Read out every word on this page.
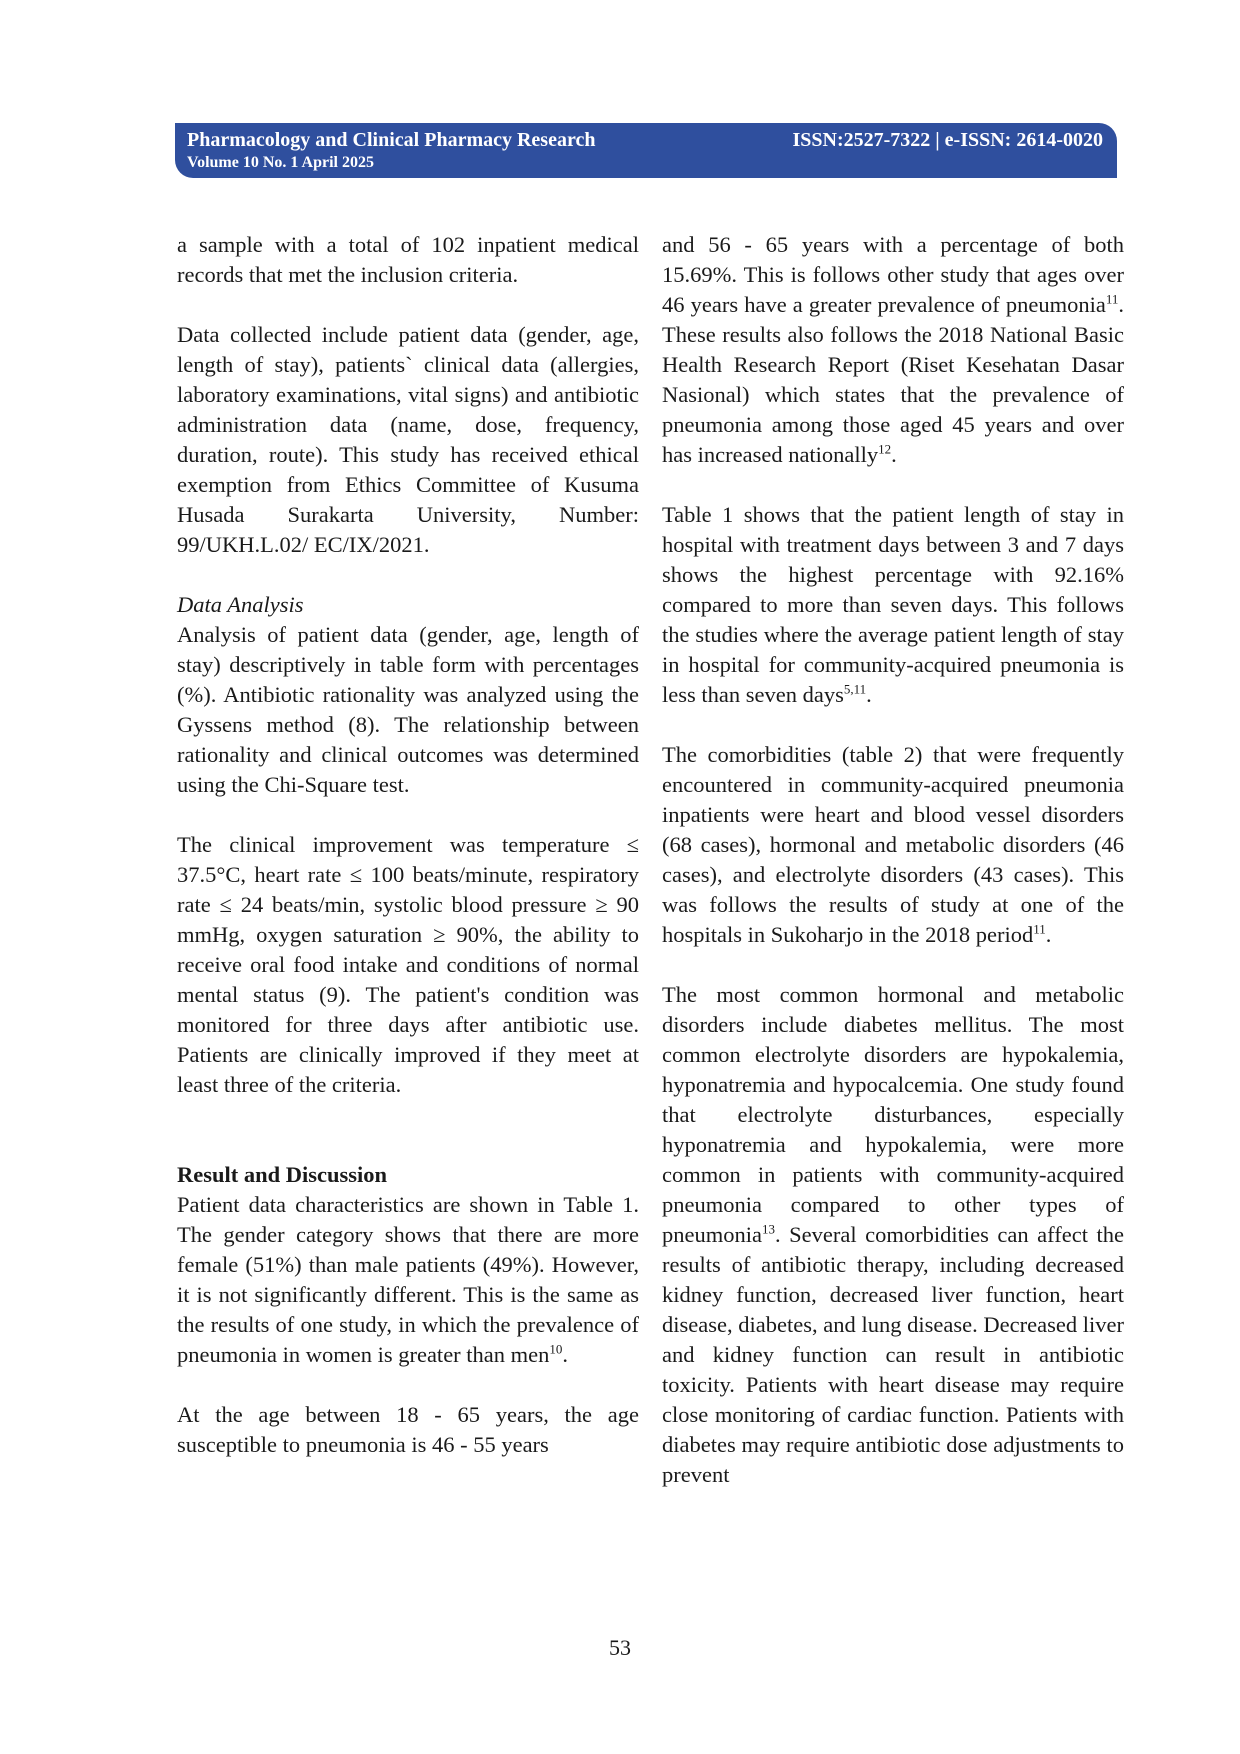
Pharmacology and Clinical Pharmacy Research
Volume 10 No. 1 April 2025
ISSN:2527-7322 | e-ISSN: 2614-0020

a sample with a total of 102 inpatient medical records that met the inclusion criteria.

Data collected include patient data (gender, age, length of stay), patients` clinical data (allergies, laboratory examinations, vital signs) and antibiotic administration data (name, dose, frequency, duration, route). This study has received ethical exemption from Ethics Committee of Kusuma Husada Surakarta University, Number: 99/UKH.L.02/ EC/IX/2021.

Data Analysis

Analysis of patient data (gender, age, length of stay) descriptively in table form with percentages (%). Antibiotic rationality was analyzed using the Gyssens method (8). The relationship between rationality and clinical outcomes was determined using the Chi-Square test.

The clinical improvement was temperature ≤ 37.5°C, heart rate ≤ 100 beats/minute, respiratory rate ≤ 24 beats/min, systolic blood pressure ≥ 90 mmHg, oxygen saturation ≥ 90%, the ability to receive oral food intake and conditions of normal mental status (9). The patient's condition was monitored for three days after antibiotic use. Patients are clinically improved if they meet at least three of the criteria.

Result and Discussion

Patient data characteristics are shown in Table 1. The gender category shows that there are more female (51%) than male patients (49%). However, it is not significantly different. This is the same as the results of one study, in which the prevalence of pneumonia in women is greater than men$^{10}$.

At the age between 18 - 65 years, the age susceptible to pneumonia is 46 - 55 years

and 56 - 65 years with a percentage of both 15.69%. This is follows other study that ages over 46 years have a greater prevalence of pneumonia$^{11}$. These results also follows the 2018 National Basic Health Research Report (Riset Kesehatan Dasar Nasional) which states that the prevalence of pneumonia among those aged 45 years and over has increased nationally$^{12}$.

Table 1 shows that the patient length of stay in hospital with treatment days between 3 and 7 days shows the highest percentage with 92.16% compared to more than seven days. This follows the studies where the average patient length of stay in hospital for community-acquired pneumonia is less than seven days$^{5,11}$.

The comorbidities (table 2) that were frequently encountered in community-acquired pneumonia inpatients were heart and blood vessel disorders (68 cases), hormonal and metabolic disorders (46 cases), and electrolyte disorders (43 cases). This was follows the results of study at one of the hospitals in Sukoharjo in the 2018 period$^{11}$.

The most common hormonal and metabolic disorders include diabetes mellitus. The most common electrolyte disorders are hypokalemia, hyponatremia and hypocalcemia. One study found that electrolyte disturbances, especially hyponatremia and hypokalemia, were more common in patients with community-acquired pneumonia compared to other types of pneumonia$^{13}$. Several comorbidities can affect the results of antibiotic therapy, including decreased kidney function, decreased liver function, heart disease, diabetes, and lung disease. Decreased liver and kidney function can result in antibiotic toxicity. Patients with heart disease may require close monitoring of cardiac function. Patients with diabetes may require antibiotic dose adjustments to prevent

53
